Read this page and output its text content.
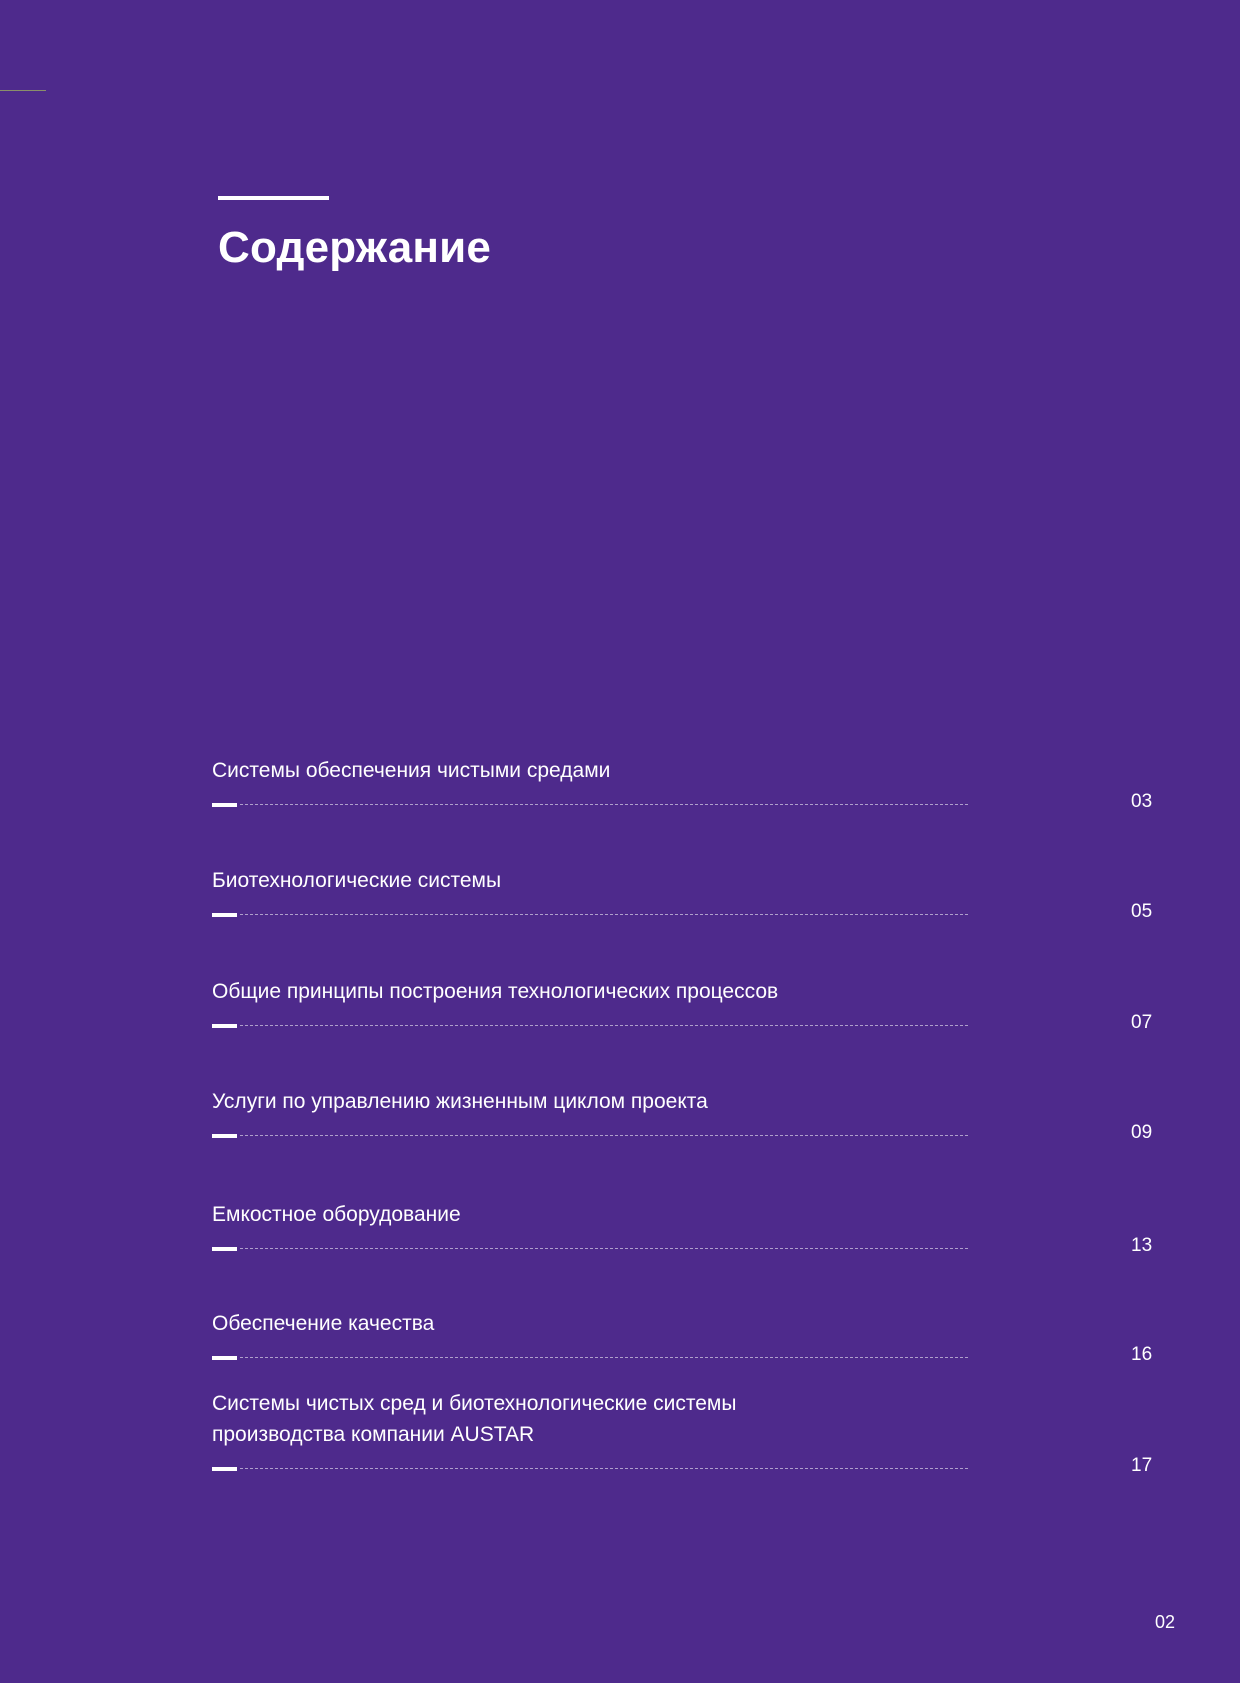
Содержание
Системы обеспечения чистыми средами
03
Биотехнологические системы
05
Общие принципы построения технологических процессов
07
Услуги по управлению жизненным циклом проекта
09
Емкостное оборудование
13
Обеспечение качества
16
Системы чистых сред и биотехнологические системы
производства компании AUSTAR
17
02
